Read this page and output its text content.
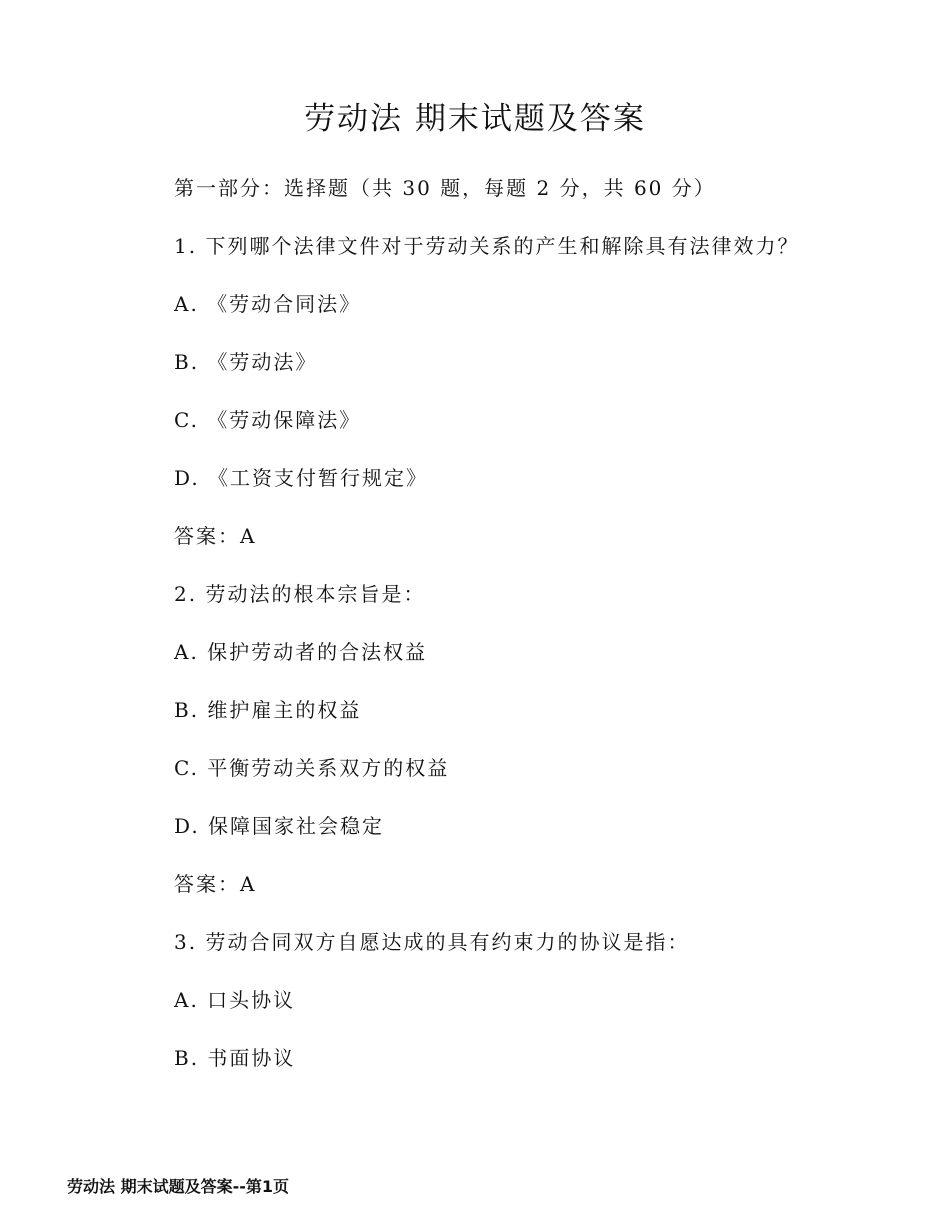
劳动法 期末试题及答案
第一部分：选择题（共 30 题，每题 2 分，共 60 分）
1. 下列哪个法律文件对于劳动关系的产生和解除具有法律效力？
A. 《劳动合同法》
B. 《劳动法》
C. 《劳动保障法》
D. 《工资支付暂行规定》
答案：A
2. 劳动法的根本宗旨是：
A. 保护劳动者的合法权益
B. 维护雇主的权益
C. 平衡劳动关系双方的权益
D. 保障国家社会稳定
答案：A
3. 劳动合同双方自愿达成的具有约束力的协议是指：
A. 口头协议
B. 书面协议
劳动法 期末试题及答案--第1页
